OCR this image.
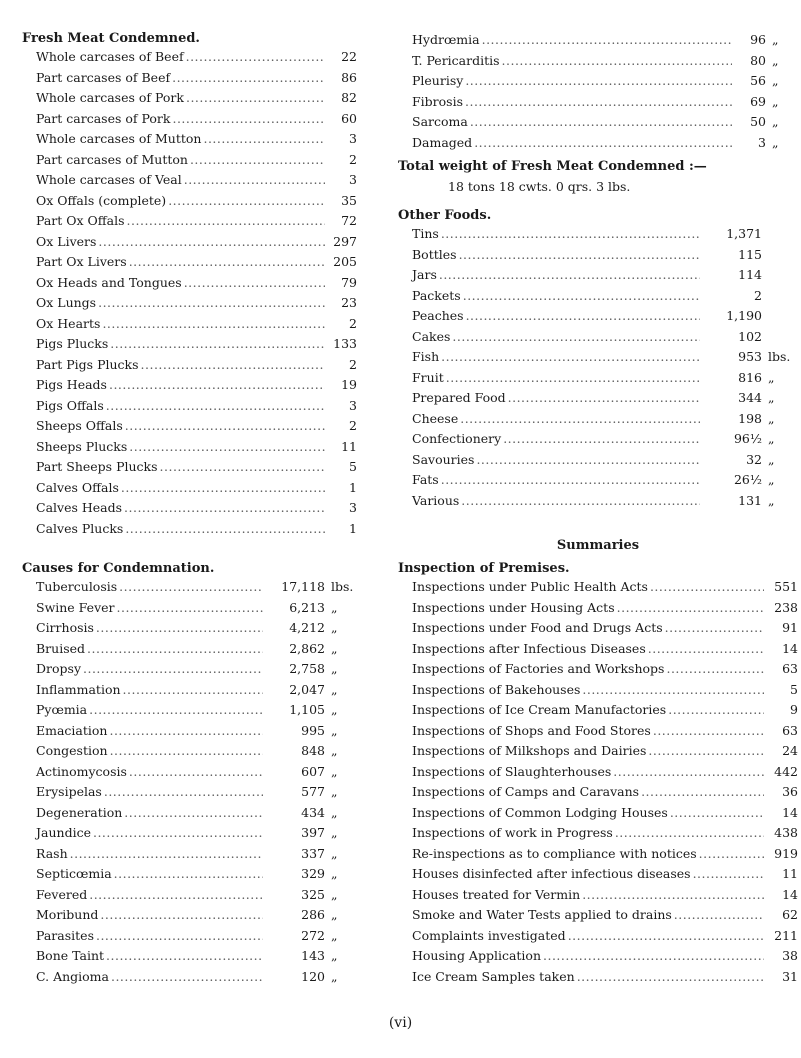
Fresh Meat Condemned.
Whole carcases of Beef .....	22
Part carcases of Beef .....	86
Whole carcases of Pork .....	82
Part carcases of Pork .....	60
Whole carcases of Mutton .....	3
Part carcases of Mutton .....	2
Whole carcases of Veal .....	3
Ox Offals (complete) .....	35
Part Ox Offals .....	72
Ox Livers .....	297
Part Ox Livers .....	205
Ox Heads and Tongues .....	79
Ox Lungs .....	23
Ox Hearts .....	2
Pigs Plucks .....	133
Part Pigs Plucks .....	2
Pigs Heads .....	19
Pigs Offals .....	3
Sheeps Offals .....	2
Sheeps Plucks .....	11
Part Sheeps Plucks .....	5
Calves Offals .....	1
Calves Heads .....	3
Calves Plucks .....	1
Causes for Condemnation.
Tuberculosis .....	17,118 lbs.
Swine Fever .....	6,213 „
Cirrhosis .....	4,212 „
Bruised .....	2,862 „
Dropsy .....	2,758 „
Inflammation .....	2,047 „
Pyœmia .....	1,105 „
Emaciation .....	995 „
Congestion .....	848 „
Actinomycosis .....	607 „
Erysipelas .....	577 „
Degeneration .....	434 „
Jaundice .....	397 „
Rash .....	337 „
Septicœmia .....	329 „
Fevered .....	325 „
Moribund .....	286 „
Parasites .....	272 „
Bone Taint .....	143 „
C. Angioma .....	120 „
Hydrœmia .....	96 „
T. Pericarditis .....	80 „
Pleurisy .....	56 „
Fibrosis .....	69 „
Sarcoma .....	50 „
Damaged .....	3 „
Total weight of Fresh Meat Condemned :—
18 tons 18 cwts. 0 qrs. 3 lbs.
Other Foods.
Tins .....	1,371
Bottles .....	115
Jars .....	114
Packets .....	2
Peaches .....	1,190
Cakes .....	102
Fish .....	953 lbs.
Fruit .....	816 „
Prepared Food .....	344 „
Cheese .....	198 „
Confectionery .....	96½ „
Savouries .....	32 „
Fats .....	26½ „
Various .....	131 „
Summaries
Inspection of Premises.
Inspections under Public Health Acts .....	551
Inspections under Housing Acts .....	238
Inspections under Food and Drugs Acts .....	91
Inspections after Infectious Diseases .....	14
Inspections of Factories and Workshops .....	63
Inspections of Bakehouses .....	5
Inspections of Ice Cream Manufactories .....	9
Inspections of Shops and Food Stores .....	63
Inspections of Milkshops and Dairies .....	24
Inspections of Slaughterhouses .....	442
Inspections of Camps and Caravans .....	36
Inspections of Common Lodging Houses .....	14
Inspections of work in Progress .....	438
Re-inspections as to compliance with notices .....	919
Houses disinfected after infectious diseases .....	11
Houses treated for Vermin .....	14
Smoke and Water Tests applied to drains .....	62
Complaints investigated .....	211
Housing Application .....	38
Ice Cream Samples taken .....	31
(vi)
